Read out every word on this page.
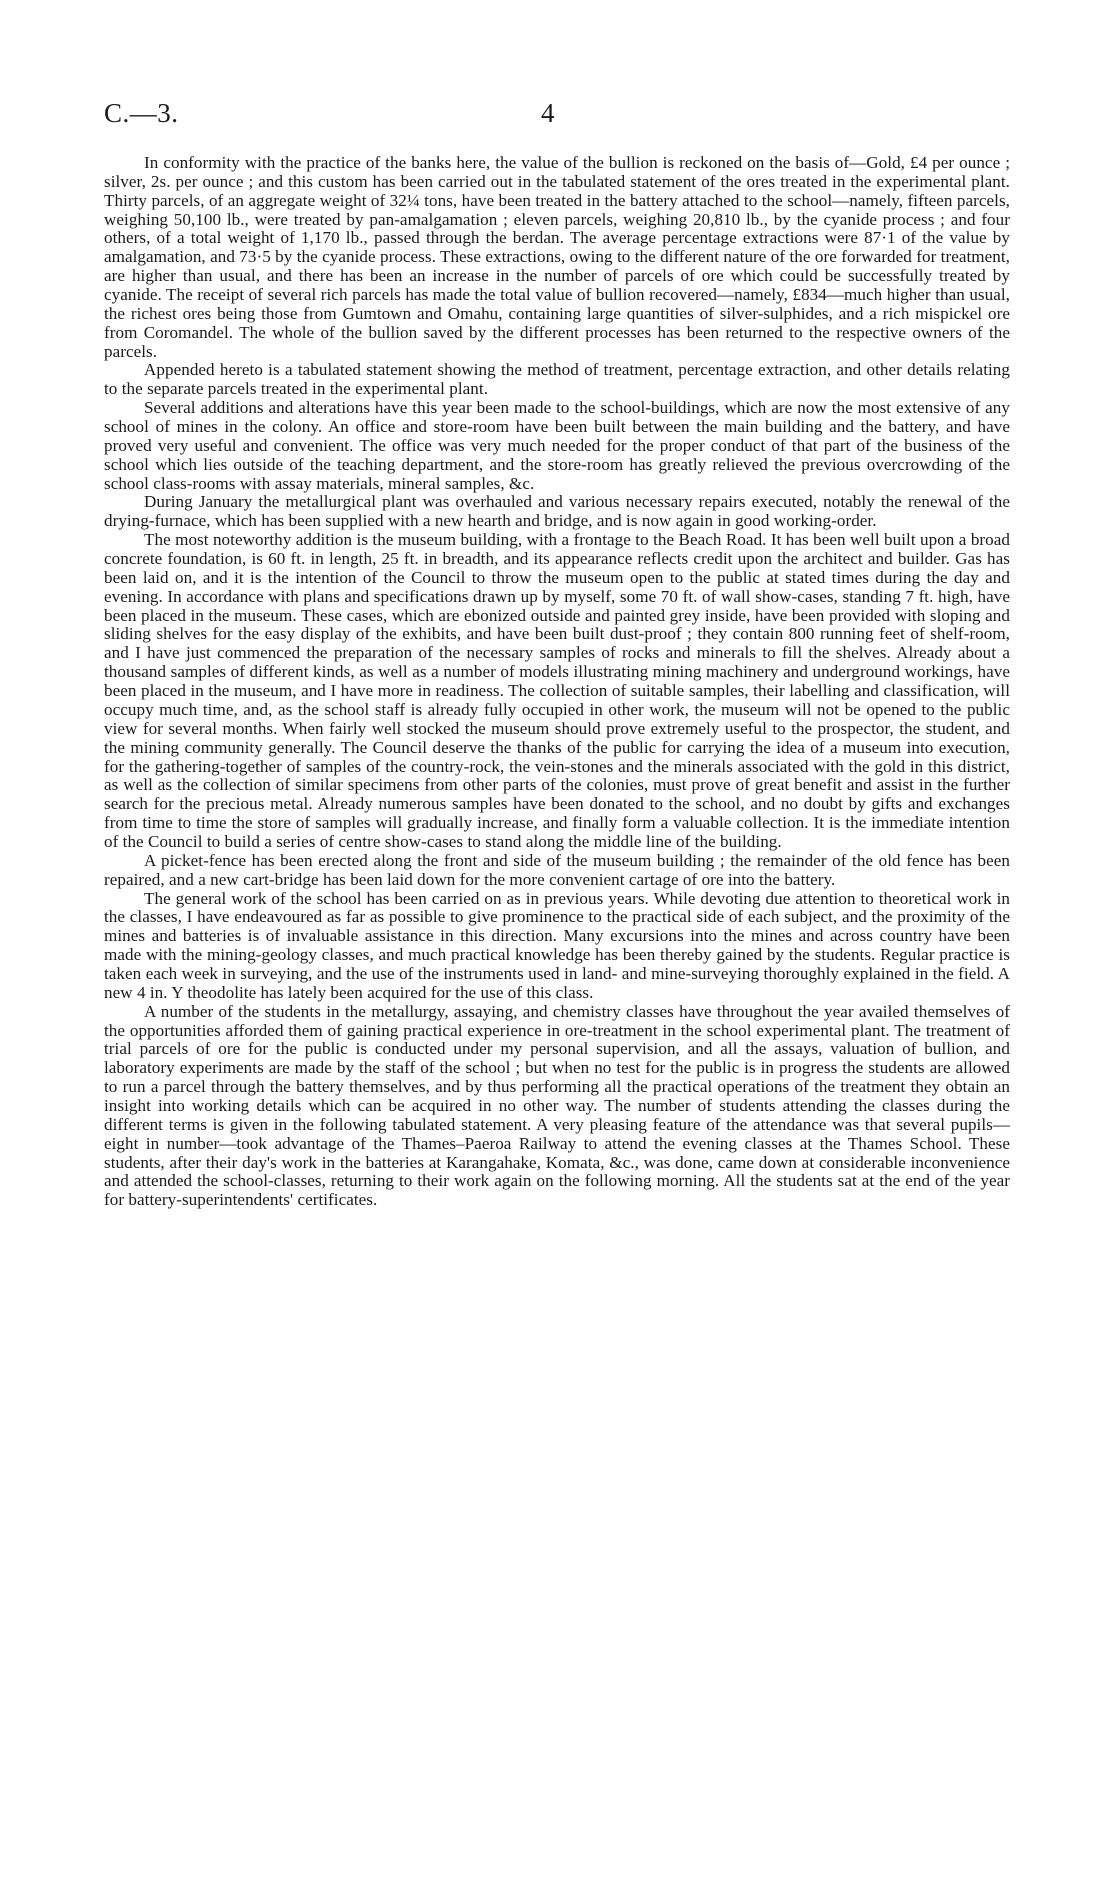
C.—3.	4

In conformity with the practice of the banks here, the value of the bullion is reckoned on the basis of—Gold, £4 per ounce ; silver, 2s. per ounce ; and this custom has been carried out in the tabulated statement of the ores treated in the experimental plant. Thirty parcels, of an aggregate weight of 32¼ tons, have been treated in the battery attached to the school—namely, fifteen parcels, weighing 50,100 lb., were treated by pan-amalgamation ; eleven parcels, weighing 20,810 lb., by the cyanide process ; and four others, of a total weight of 1,170 lb., passed through the berdan. The average percentage extractions were 87·1 of the value by amalgamation, and 73·5 by the cyanide process. These extractions, owing to the different nature of the ore forwarded for treatment, are higher than usual, and there has been an increase in the number of parcels of ore which could be successfully treated by cyanide. The receipt of several rich parcels has made the total value of bullion recovered—namely, £834—much higher than usual, the richest ores being those from Gumtown and Omahu, containing large quantities of silver-sulphides, and a rich mispickel ore from Coromandel. The whole of the bullion saved by the different processes has been returned to the respective owners of the parcels.

Appended hereto is a tabulated statement showing the method of treatment, percentage extraction, and other details relating to the separate parcels treated in the experimental plant.

Several additions and alterations have this year been made to the school-buildings, which are now the most extensive of any school of mines in the colony. An office and store-room have been built between the main building and the battery, and have proved very useful and convenient. The office was very much needed for the proper conduct of that part of the business of the school which lies outside of the teaching department, and the store-room has greatly relieved the previous overcrowding of the school class-rooms with assay materials, mineral samples, &c.

During January the metallurgical plant was overhauled and various necessary repairs executed, notably the renewal of the drying-furnace, which has been supplied with a new hearth and bridge, and is now again in good working-order.

The most noteworthy addition is the museum building, with a frontage to the Beach Road. It has been well built upon a broad concrete foundation, is 60 ft. in length, 25 ft. in breadth, and its appearance reflects credit upon the architect and builder. Gas has been laid on, and it is the intention of the Council to throw the museum open to the public at stated times during the day and evening. In accordance with plans and specifications drawn up by myself, some 70 ft. of wall show-cases, standing 7 ft. high, have been placed in the museum. These cases, which are ebonized outside and painted grey inside, have been provided with sloping and sliding shelves for the easy display of the exhibits, and have been built dust-proof ; they contain 800 running feet of shelf-room, and I have just commenced the preparation of the necessary samples of rocks and minerals to fill the shelves. Already about a thousand samples of different kinds, as well as a number of models illustrating mining machinery and underground workings, have been placed in the museum, and I have more in readiness. The collection of suitable samples, their labelling and classification, will occupy much time, and, as the school staff is already fully occupied in other work, the museum will not be opened to the public view for several months. When fairly well stocked the museum should prove extremely useful to the prospector, the student, and the mining community generally. The Council deserve the thanks of the public for carrying the idea of a museum into execution, for the gathering-together of samples of the country-rock, the vein-stones and the minerals associated with the gold in this district, as well as the collection of similar specimens from other parts of the colonies, must prove of great benefit and assist in the further search for the precious metal. Already numerous samples have been donated to the school, and no doubt by gifts and exchanges from time to time the store of samples will gradually increase, and finally form a valuable collection. It is the immediate intention of the Council to build a series of centre show-cases to stand along the middle line of the building.

A picket-fence has been erected along the front and side of the museum building ; the remainder of the old fence has been repaired, and a new cart-bridge has been laid down for the more convenient cartage of ore into the battery.

The general work of the school has been carried on as in previous years. While devoting due attention to theoretical work in the classes, I have endeavoured as far as possible to give prominence to the practical side of each subject, and the proximity of the mines and batteries is of invaluable assistance in this direction. Many excursions into the mines and across country have been made with the mining-geology classes, and much practical knowledge has been thereby gained by the students. Regular practice is taken each week in surveying, and the use of the instruments used in land- and mine-surveying thoroughly explained in the field. A new 4 in. Y theodolite has lately been acquired for the use of this class.

A number of the students in the metallurgy, assaying, and chemistry classes have throughout the year availed themselves of the opportunities afforded them of gaining practical experience in ore-treatment in the school experimental plant. The treatment of trial parcels of ore for the public is conducted under my personal supervision, and all the assays, valuation of bullion, and laboratory experiments are made by the staff of the school ; but when no test for the public is in progress the students are allowed to run a parcel through the battery themselves, and by thus performing all the practical operations of the treatment they obtain an insight into working details which can be acquired in no other way. The number of students attending the classes during the different terms is given in the following tabulated statement. A very pleasing feature of the attendance was that several pupils—eight in number—took advantage of the Thames–Paeroa Railway to attend the evening classes at the Thames School. These students, after their day's work in the batteries at Karangahake, Komata, &c., was done, came down at considerable inconvenience and attended the school-classes, returning to their work again on the following morning. All the students sat at the end of the year for battery-superintendents' certificates.
